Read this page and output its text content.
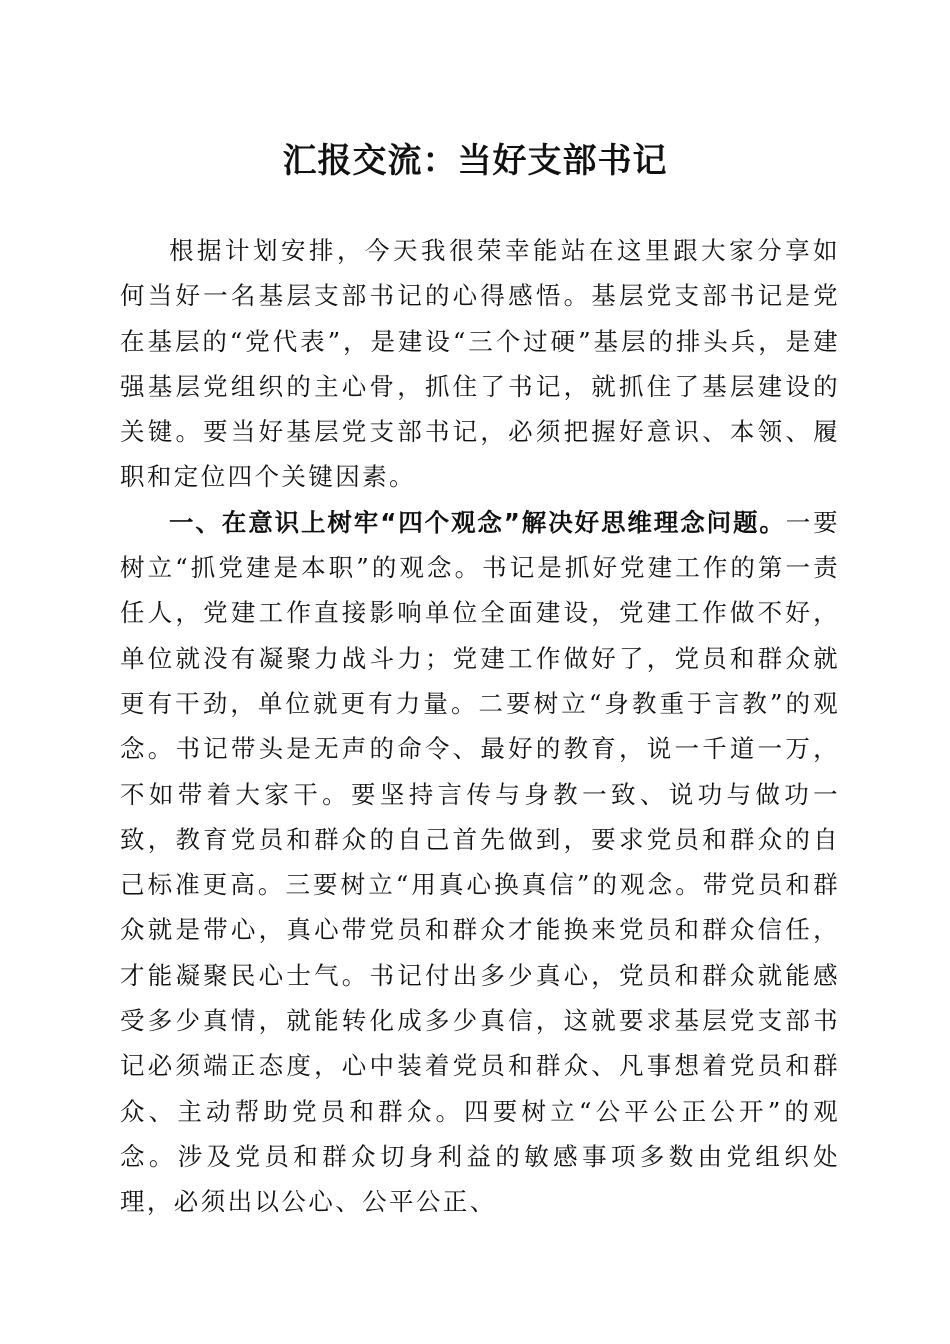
汇报交流：当好支部书记

根据计划安排，今天我很荣幸能站在这里跟大家分享如何当好一名基层支部书记的心得感悟。基层党支部书记是党在基层的“党代表”，是建设“三个过硬”基层的排头兵，是建强基层党组织的主心骨，抓住了书记，就抓住了基层建设的关键。要当好基层党支部书记，必须把握好意识、本领、履职和定位四个关键因素。

一、在意识上树牢“四个观念”解决好思维理念问题。一要树立“抓党建是本职”的观念。书记是抓好党建工作的第一责任人，党建工作直接影响单位全面建设，党建工作做不好，单位就没有凝聚力战斗力；党建工作做好了，党员和群众就更有干劲，单位就更有力量。二要树立“身教重于言教”的观念。书记带头是无声的命令、最好的教育，说一千道一万，不如带着大家干。要坚持言传与身教一致、说功与做功一致，教育党员和群众的自己首先做到，要求党员和群众的自己标准更高。三要树立“用真心换真信”的观念。带党员和群众就是带心，真心带党员和群众才能换来党员和群众信任，才能凝聚民心士气。书记付出多少真心，党员和群众就能感受多少真情，就能转化成多少真信，这就要求基层党支部书记必须端正态度，心中装着党员和群众、凡事想着党员和群众、主动帮助党员和群众。四要树立“公平公正公开”的观念。涉及党员和群众切身利益的敏感事项多数由党组织处理，必须出以公心、公平公正、
